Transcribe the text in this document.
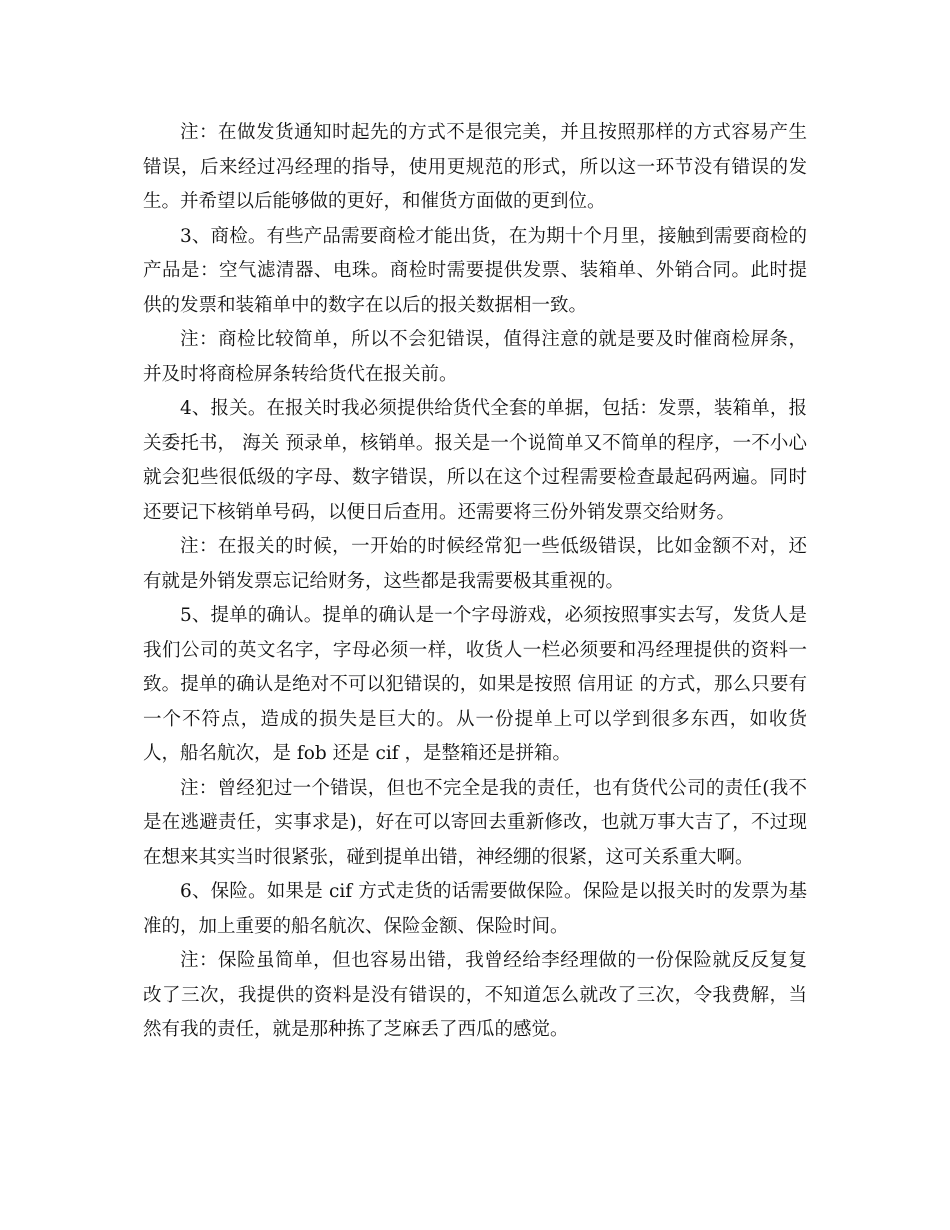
注：在做发货通知时起先的方式不是很完美，并且按照那样的方式容易产生错误，后来经过冯经理的指导，使用更规范的形式，所以这一环节没有错误的发生。并希望以后能够做的更好，和催货方面做的更到位。

3、商检。有些产品需要商检才能出货，在为期十个月里，接触到需要商检的产品是：空气滤清器、电珠。商检时需要提供发票、装箱单、外销合同。此时提供的发票和装箱单中的数字在以后的报关数据相一致。

注：商检比较简单，所以不会犯错误，值得注意的就是要及时催商检屏条，并及时将商检屏条转给货代在报关前。

4、报关。在报关时我必须提供给货代全套的单据，包括：发票，装箱单，报关委托书， 海关 预录单，核销单。报关是一个说简单又不简单的程序，一不小心就会犯些很低级的字母、数字错误，所以在这个过程需要检查最起码两遍。同时还要记下核销单号码，以便日后查用。还需要将三份外销发票交给财务。

注：在报关的时候，一开始的时候经常犯一些低级错误，比如金额不对，还有就是外销发票忘记给财务，这些都是我需要极其重视的。

5、提单的确认。提单的确认是一个字母游戏，必须按照事实去写，发货人是我们公司的英文名字，字母必须一样，收货人一栏必须要和冯经理提供的资料一致。提单的确认是绝对不可以犯错误的，如果是按照 信用证 的方式，那么只要有一个不符点，造成的损失是巨大的。从一份提单上可以学到很多东西，如收货人，船名航次，是 fob 还是 cif ，是整箱还是拼箱。

注：曾经犯过一个错误，但也不完全是我的责任，也有货代公司的责任(我不是在逃避责任，实事求是)，好在可以寄回去重新修改，也就万事大吉了，不过现在想来其实当时很紧张，碰到提单出错，神经绷的很紧，这可关系重大啊。

6、保险。如果是 cif 方式走货的话需要做保险。保险是以报关时的发票为基准的，加上重要的船名航次、保险金额、保险时间。

注：保险虽简单，但也容易出错，我曾经给李经理做的一份保险就反反复复改了三次，我提供的资料是没有错误的，不知道怎么就改了三次，令我费解，当然有我的责任，就是那种拣了芝麻丢了西瓜的感觉。
